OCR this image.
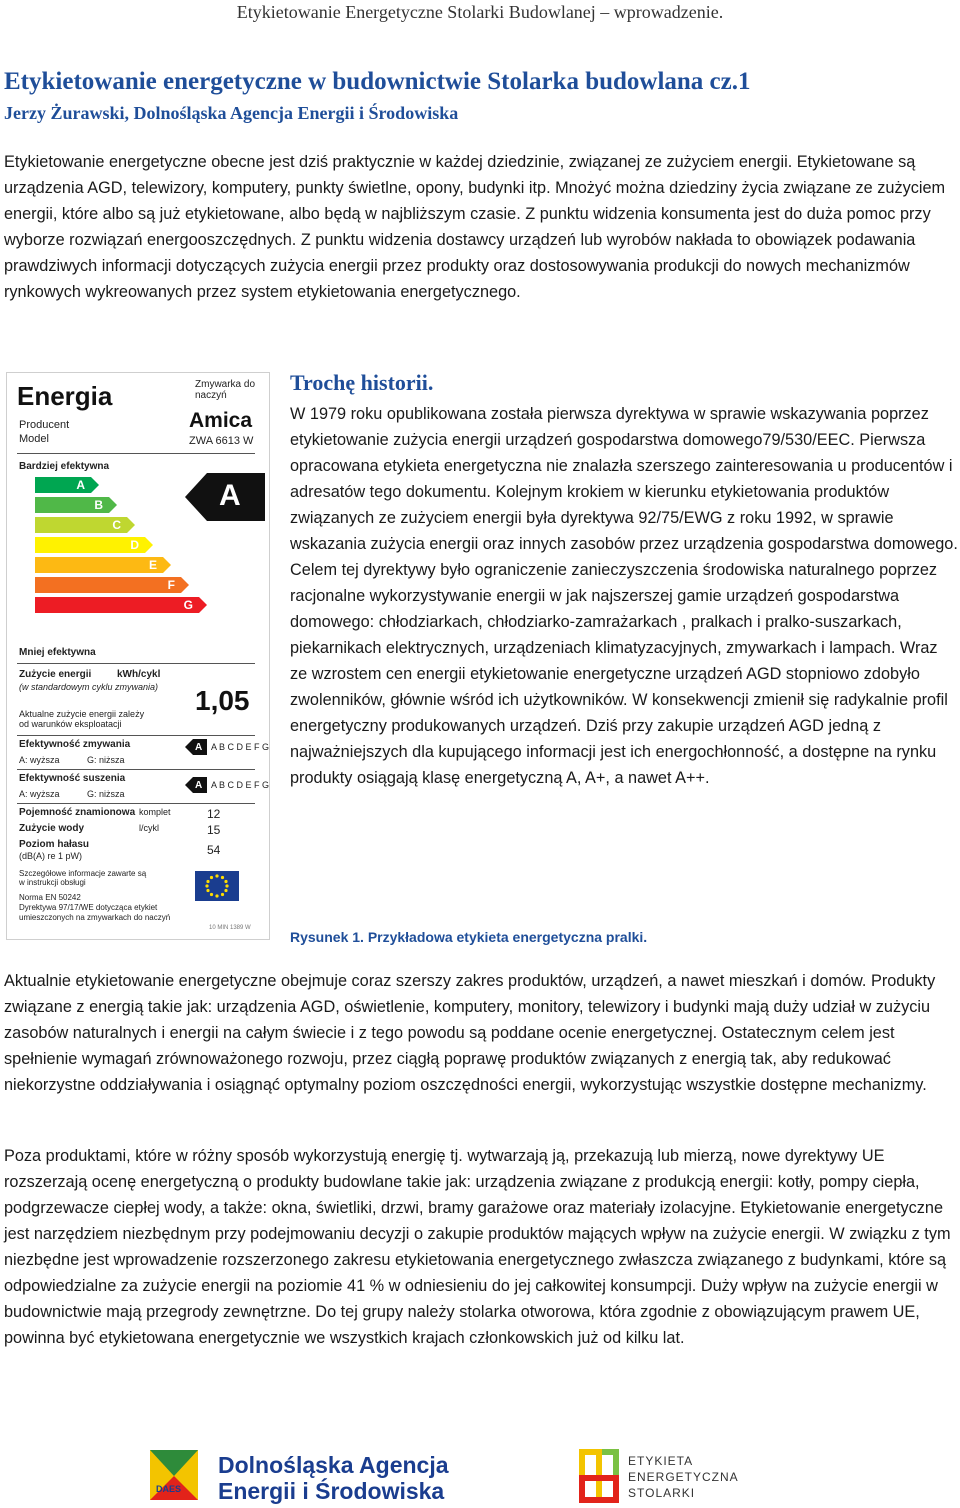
Etykietowanie Energetyczne Stolarki Budowlanej – wprowadzenie.
Etykietowanie energetyczne w budownictwie Stolarka budowlana cz.1
Jerzy Żurawski, Dolnośląska Agencja Energii i Środowiska

Etykietowanie energetyczne obecne jest dziś praktycznie w każdej dziedzinie, związanej ze zużyciem energii. Etykietowane są urządzenia AGD, telewizory, komputery, punkty świetlne, opony, budynki itp. Mnożyć można dziedziny życia związane ze zużyciem energii, które albo są już etykietowane, albo będą w najbliższym czasie. Z punktu widzenia konsumenta jest do duża pomoc przy wyborze rozwiązań energooszczędnych. Z punktu widzenia dostawcy urządzeń lub wyrobów nakłada to obowiązek podawania prawdziwych informacji dotyczących zużycia energii przez produkty oraz dostosowywania produkcji do nowych mechanizmów rynkowych wykreowanych przez system etykietowania energetycznego.

Energia
Producent
Model
Zmywarka do naczyń
Amica
ZWA 6613 W
Bardziej efektywna
A
B
C
D
E
F
G
A
Mniej efektywna
Zużycie energii	kWh/cykl
(w standardowym cyklu zmywania) 1,05
Aktualne zużycie energii zależy od warunków eksploatacji
Efektywność zmywania
A: wyższa	G: niższa
A A B C D E F G
Efektywność suszenia
A: wyższa	G: niższa
A A B C D E F G
Pojemność znamionowa komplet	12
Zużycie wody	l/cykl	15
Poziom hałasu
(dB(A) re 1 pW)	54
Szczegółowe informacje zawarte są w instrukcji obsługi
Norma EN 50242
Dyrektywa 97/17/WE dotycząca etykiet
umieszczonych na zmywarkach do naczyń
10 MIN 1389 W
Trochę historii.

W 1979 roku opublikowana została pierwsza dyrektywa w sprawie wskazywania poprzez etykietowanie zużycia energii urządzeń gospodarstwa domowego79/530/EEC. Pierwsza opracowana etykieta energetyczna nie znalazła szerszego zainteresowania u producentów i adresatów tego dokumentu. Kolejnym krokiem w kierunku etykietowania produktów związanych ze zużyciem energii była dyrektywa 92/75/EWG z roku 1992, w sprawie wskazania zużycia energii oraz innych zasobów przez urządzenia gospodarstwa domowego. Celem tej dyrektywy było ograniczenie zanieczyszczenia środowiska naturalnego poprzez racjonalne wykorzystywanie energii w jak najszerszej gamie urządzeń gospodarstwa domowego: chłodziarkach, chłodziarko-zamrażarkach , pralkach i pralko-suszarkach, piekarnikach elektrycznych, urządzeniach klimatyzacyjnych, zmywarkach i lampach. Wraz ze wzrostem cen energii etykietowanie energetyczne urządzeń AGD stopniowo zdobyło zwolenników, głównie wśród ich użytkowników. W konsekwencji zmienił się radykalnie profil energetyczny produkowanych urządzeń. Dziś przy zakupie urządzeń AGD jedną z najważniejszych dla kupującego informacji jest ich energochłonność, a dostępne na rynku produkty osiągają klasę energetyczną A, A+, a nawet A++.

Rysunek 1. Przykładowa etykieta energetyczna pralki.

Aktualnie etykietowanie energetyczne obejmuje coraz szerszy zakres produktów, urządzeń, a nawet mieszkań i domów. Produkty związane z energią takie jak: urządzenia AGD, oświetlenie, komputery, monitory, telewizory i budynki mają duży udział w zużyciu zasobów naturalnych i energii na całym świecie i z tego powodu są poddane ocenie energetycznej. Ostatecznym celem jest spełnienie wymagań zrównoważonego rozwoju, przez ciągłą poprawę produktów związanych z energią tak, aby redukować niekorzystne oddziaływania i osiągnąć optymalny poziom oszczędności energii, wykorzystując wszystkie dostępne mechanizmy.

Poza produktami, które w różny sposób wykorzystują energię tj. wytwarzają ją, przekazują lub mierzą, nowe dyrektywy UE rozszerzają ocenę energetyczną o produkty budowlane takie jak: urządzenia związane z produkcją energii: kotły, pompy ciepła, podgrzewacze ciepłej wody, a także: okna, świetliki, drzwi, bramy garażowe oraz materiały izolacyjne. Etykietowanie energetyczne jest narzędziem niezbędnym przy podejmowaniu decyzji o zakupie produktów mających wpływ na zużycie energii. W związku z tym niezbędne jest wprowadzenie rozszerzonego zakresu etykietowania energetycznego zwłaszcza związanego z budynkami, które są odpowiedzialne za zużycie energii na poziomie 41 % w odniesieniu do jej całkowitej konsumpcji. Duży wpływ na zużycie energii w budownictwie mają przegrody zewnętrzne. Do tej grupy należy stolarka otworowa, która zgodnie z obowiązującym prawem UE, powinna być etykietowana energetycznie we wszystkich krajach członkowskich już od kilku lat.

DAES
Dolnośląska Agencja
Energii i Środowiska
ETYKIETA
ENERGETYCZNA
STOLARKI
